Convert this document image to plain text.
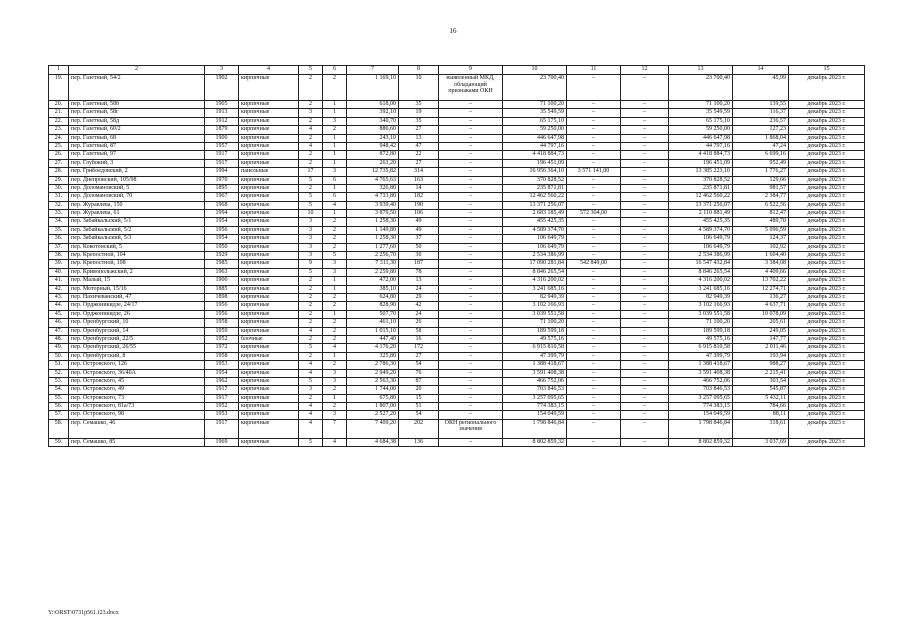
16
1	2	3	4	5	6	7	8	9	10	11	12	13	14	15
19.	пер. Газетный, 54/2	1902	кирпичные	2	2	1 169,10	10	выявленный МКД, обладающий признаками ОКН	23 700,40	–	–	23 700,40	45,99	декабрь 2023 г.
20.	пер. Газетный, 58б	1905	кирпичные	2	1	618,00	35	–	71 100,20	–	–	71 100,20	139,55	декабрь 2023 г.
21.	пер. Газетный, 58г	1913	кирпичные	3	1	392,10	19	–	35 549,59	–	–	35 549,59	116,37	декабрь 2023 г.
22.	пер. Газетный, 58д	1912	кирпичные	2	3	340,70	35	–	65 175,10	–	–	65 175,10	236,57	декабрь 2023 г.
23.	пер. Газетный, 60/2	1879	кирпичные	4	2	886,60	27	–	59 250,00	–	–	59 250,00	127,23	декабрь 2023 г.
24.	пер. Газетный, 68	1900	кирпичные	2	1	243,10	13	–	446 647,98	–	–	446 647,98	1 868,04	декабрь 2023 г.
25.	пер. Газетный, 87	1957	кирпичные	4	1	948,42	47	–	44 797,16	–	–	44 797,16	47,24	декабрь 2023 г.
26.	пер. Газетный, 97	1917	кирпичные	2	1	872,80	22	–	4 418 884,73	–	–	4 418 884,73	6 699,16	декабрь 2023 г.
27.	пер. Глубокий, 3	1917	кирпичные	2	1	263,20	27	–	196 451,09	–	–	196 451,09	952,49	декабрь 2023 г.
28.	пер. Грибоедовский, 2	1994	панельные	17	3	12 735,82	314	–	16 956 364,10	3 571 141,00	–	13 385 223,10	1 776,27	декабрь 2023 г.
29.	пер. Днепровский, 105/98	1970	кирпичные	5	6	4 765,63	163	–	370 828,52	–	–	370 828,52	129,66	декабрь 2023 г.
30.	пер. Доломановский, 5	1895	кирпичные	2	1	326,80	14	–	235 871,81	–	–	235 871,81	981,57	декабрь 2023 г.
31.	пер. Доломановский, 70	1967	кирпичные	5	6	4 733,80	182	–	12 462 560,22	–	–	12 462 560,22	2 384,77	декабрь 2023 г.
32.	пер. Журавлева, 150	1968	кирпичные	5	4	3 939,40	190	–	13 371 256,07	–	–	13 371 256,07	6 522,56	декабрь 2023 г.
33.	пер. Журавлева, 61	1994	кирпичные	10	1	3 879,50	106	–	2 683 185,49	572 304,00	–	2 110 881,49	812,47	декабрь 2023 г.
34.	пер. Забайкальский, 5/1	1954	кирпичные	3	2	1 258,30	49	–	455 425,35	–	–	455 425,35	489,70	декабрь 2023 г.
35.	пер. Забайкальский, 5/2	1956	кирпичные	3	2	1 149,80	49	–	4 589 374,70	–	–	4 589 374,70	5 096,59	декабрь 2023 г.
36.	пер. Забайкальский, 5/3	1954	кирпичные	3	2	1 258,30	37	–	106 649,79	–	–	106 649,79	124,37	декабрь 2023 г.
37.	пер. Кокотонский, 5	1950	кирпичные	3	2	1 277,60	50	–	106 649,79	–	–	106 649,79	102,92	декабрь 2023 г.
38.	пер. Крепостной, 104	1929	кирпичные	3	5	2 256,70	30	–	2 534 386,99	–	–	2 534 386,99	1 604,40	декабрь 2023 г.
39.	пер. Крепостной, 108	1985	кирпичные	9	3	7 311,30	187	–	17 090 281,84	542 849,00	–	16 547 432,84	3 384,08	декабрь 2023 г.
40.	пер. Кривопольжский, 2	1963	кирпичные	5	3	2 259,80	78	–	8 846 265,54	–	–	8 846 265,54	4 409,66	декабрь 2023 г.
41.	пер. Малый, 15	1900	кирпичные	2	1	472,00	13	–	4 316 200,02	–	–	4 316 200,02	13 702,22	декабрь 2023 г.
42.	пер. Моторный, 15/16	1885	кирпичные	2	1	385,10	24	–	3 241 685,16	–	–	3 241 685,16	12 274,71	декабрь 2023 г.
43.	пер. Нахичеванский, 47	1898	кирпичные	2	2	624,80	29	–	82 949,39	–	–	82 949,39	136,27	декабрь 2023 г.
44.	пер. Орджоникидзе, 24/17	1956	кирпичные	2	2	828,90	42	–	3 102 166,93	–	–	3 102 166,93	4 637,71	декабрь 2023 г.
45.	пер. Орджоникидзе, 26	1956	кирпичные	2	1	507,70	24	–	3 039 551,58	–	–	3 039 551,58	10 078,09	декабрь 2023 г.
46.	пер. Оренбургский, 10	1958	кирпичные	2	2	461,10	26	–	71 100,20	–	–	71 100,20	205,61	декабрь 2023 г.
47.	пер. Оренбургский, 14	1959	кирпичные	4	2	1 015,10	58	–	189 599,18	–	–	189 599,18	249,05	декабрь 2023 г.
48.	пер. Оренбургский, 22/5	1952	блочные	2	2	447,40	16	–	49 575,16	–	–	49 575,16	147,77	декабрь 2023 г.
49.	пер. Оренбургский, 26/55	1972	кирпичные	5	4	4 176,20	172	–	6 915 810,58	–	–	6 915 810,58	2 011,46	декабрь 2023 г.
50.	пер. Оренбургский, 8	1958	кирпичные	2	1	325,80	27	–	47 399,79	–	–	47 399,79	193,94	декабрь 2023 г.
51.	пер. Островского, 126	1953	кирпичные	4	2	2 786,30	54	–	1 388 418,67	–	–	1 388 418,67	988,27	декабрь 2023 г.
52.	пер. Островского, 36/40А	1954	кирпичные	4	3	2 949,20	76	–	3 591 408,38	–	–	3 591 408,38	2 215,41	декабрь 2023 г.
53.	пер. Островского, 45	1962	кирпичные	5	3	2 563,30	87	–	466 752,06	–	–	466 752,06	303,54	декабрь 2023 г.
54.	пер. Островского, 49	1917	кирпичные	3	2	1 744,00	20	–	703 846,53	–	–	703 846,53	545,87	декабрь 2023 г.
55.	пер. Островского, 73	1917	кирпичные	2	1	675,80	15	–	3 257 095,65	–	–	3 257 095,65	5 432,11	декабрь 2023 г.
56.	пер. Островского, 81а/73	1952	кирпичные	4	2	1 807,00	51	–	774 383,15	–	–	774 383,15	784,66	декабрь 2023 г.
57.	пер. Островского, 98	1953	кирпичные	4	3	2 527,20	54	–	154 049,59	–	–	154 049,59	88,11	декабрь 2023 г.
58.	пер. Семашко, 46	1917	кирпичные	4	7	7 409,20	202	ОКН регионального значения	1 798 846,84	–	–	1 798 846,84	318,61	декабрь 2023 г.
59.	пер. Семашко, 85	1969	кирпичные	5	4	4 684,38	136	–	8 802 859,32	–	–	8 802 859,32	3 037,69	декабрь 2023 г.
Y:\ORST\0731p561.f23.docx
